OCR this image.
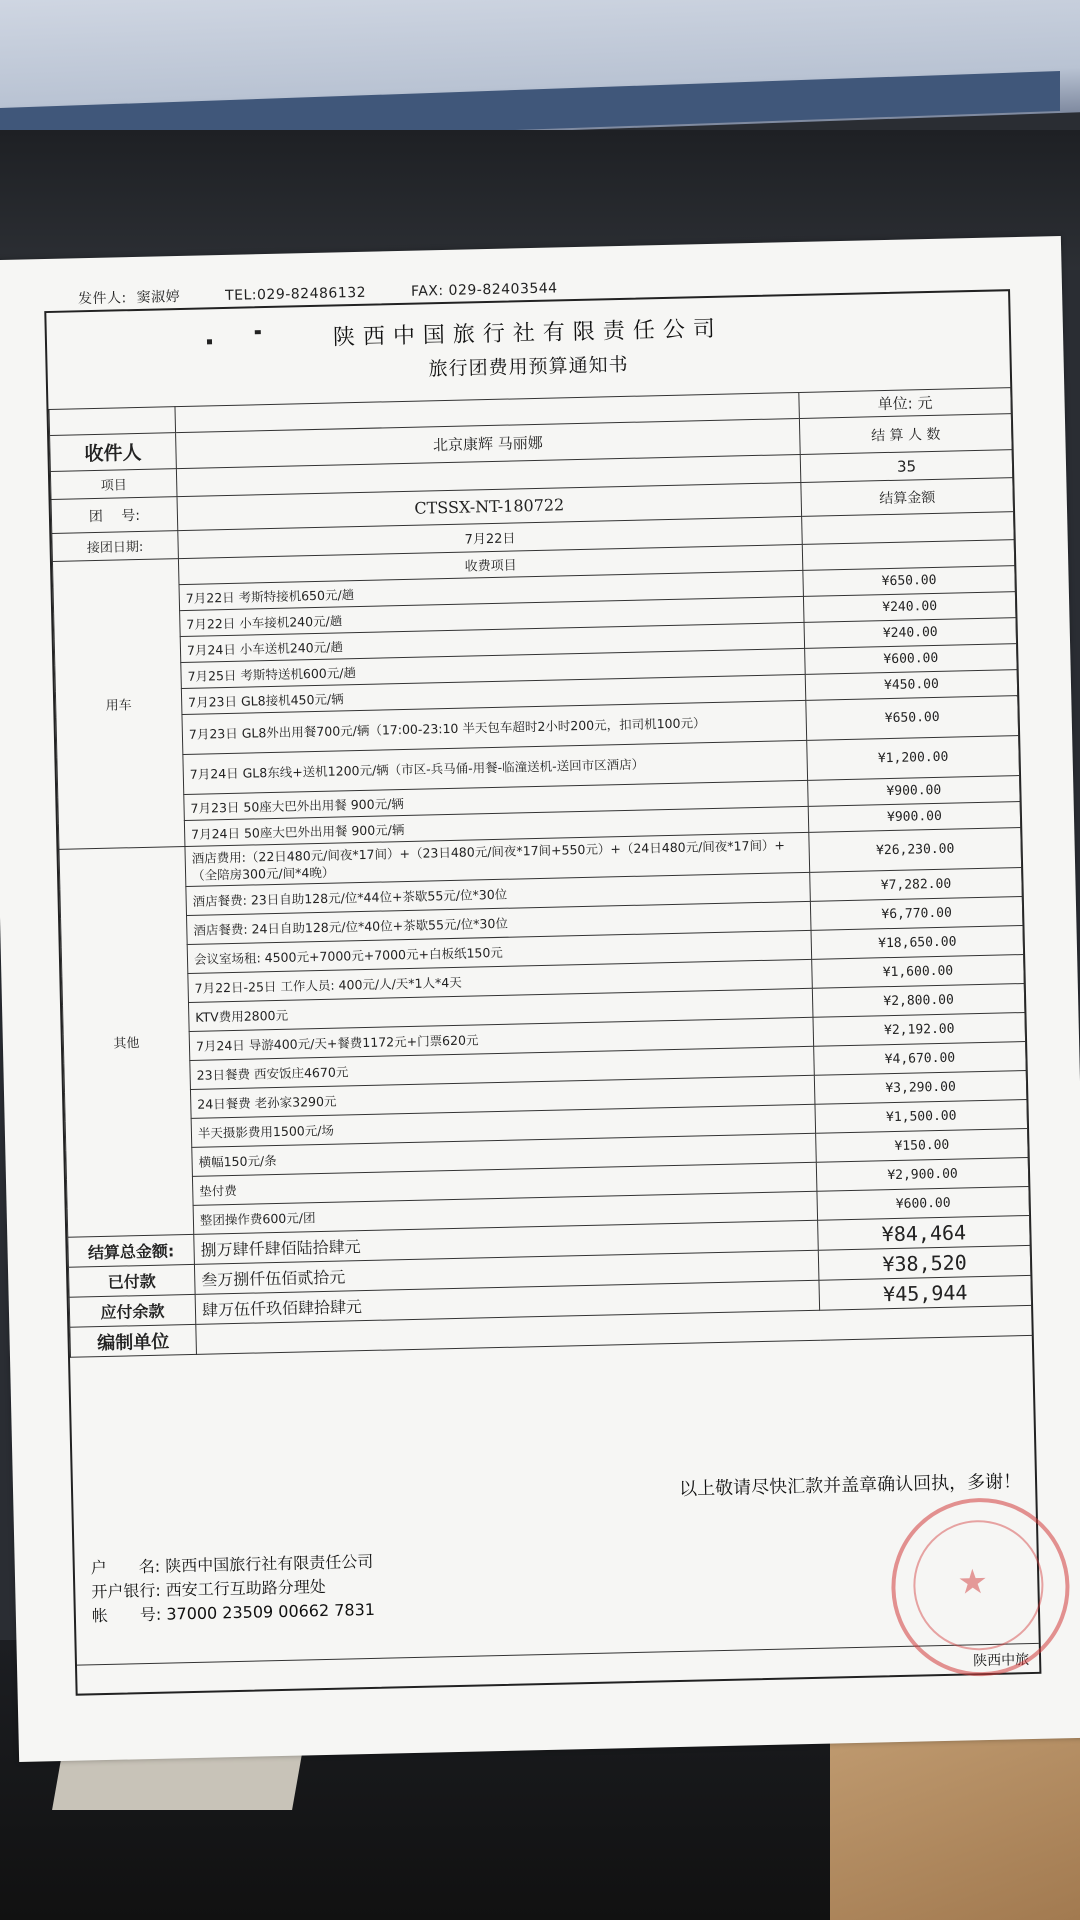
发件人: 窦淑婷	TEL:029-82486132	FAX: 029-82403544
陕西中国旅行社有限责任公司
旅行团费用预算通知书
		单位: 元
收件人	北京康辉 马丽娜	结 算 人 数
项目		35
团　 号:	CTSSX-NT-180722	结算金额
接团日期:	7月22日	
用车	收费项目	
	7月22日 考斯特接机650元/趟	¥650.00
	7月22日 小车接机240元/趟	¥240.00
	7月24日 小车送机240元/趟	¥240.00
	7月25日 考斯特送机600元/趟	¥600.00
	7月23日 GL8接机450元/辆	¥450.00
	7月23日 GL8外出用餐700元/辆（17:00-23:10 半天包车超时2小时200元，扣司机100元）	¥650.00
	7月24日 GL8东线+送机1200元/辆（市区-兵马俑-用餐-临潼送机-送回市区酒店）	¥1,200.00
	7月23日 50座大巴外出用餐 900元/辆	¥900.00
	7月24日 50座大巴外出用餐 900元/辆	¥900.00
其他	酒店费用:（22日480元/间夜*17间）+（23日480元/间夜*17间+550元）+（24日480元/间夜*17间）+（全陪房300元/间*4晚）	¥26,230.00
	酒店餐费: 23日自助128元/位*44位+茶歇55元/位*30位	¥7,282.00
	酒店餐费: 24日自助128元/位*40位+茶歇55元/位*30位	¥6,770.00
	会议室场租: 4500元+7000元+7000元+白板纸150元	¥18,650.00
	7月22日-25日 工作人员: 400元/人/天*1人*4天	¥1,600.00
	KTV费用2800元	¥2,800.00
	7月24日 导游400元/天+餐费1172元+门票620元	¥2,192.00
	23日餐费 西安饭庄4670元	¥4,670.00
	24日餐费 老孙家3290元	¥3,290.00
	半天摄影费用1500元/场	¥1,500.00
	横幅150元/条	¥150.00
	垫付费	¥2,900.00
	整团操作费600元/团	¥600.00
结算总金额:	捌万肆仟肆佰陆拾肆元	¥84,464
已付款	叁万捌仟伍佰贰拾元	¥38,520
应付余款	肆万伍仟玖佰肆拾肆元	¥45,944
编制单位		
以上敬请尽快汇款并盖章确认回执，多谢！
户　　名: 陕西中国旅行社有限责任公司
开户银行: 西安工行互助路分理处
帐　　号: 37000 23509 00662 7831
陕西中旅
★
